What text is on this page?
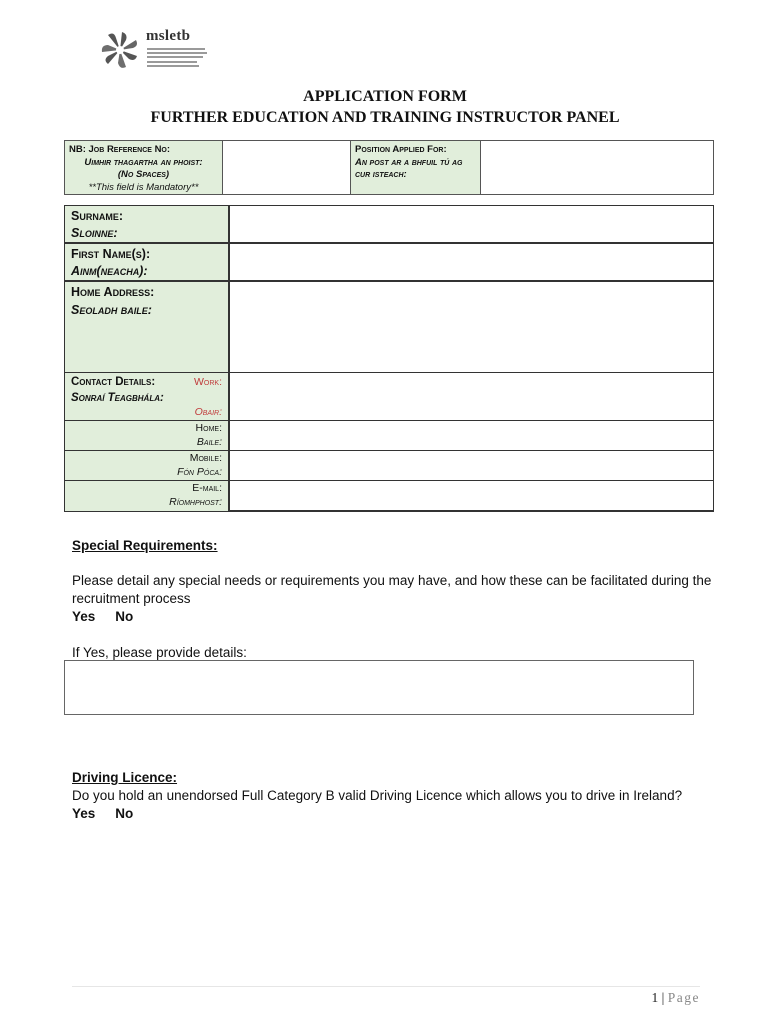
msletb
APPLICATION FORM
FURTHER EDUCATION AND TRAINING INSTRUCTOR PANEL
NB: Job Reference No:
Uimhir thagartha an phoist:
(No Spaces)
**This field is Mandatory**
Position Applied For:
An post ar a bhfuil tú ag
cur isteach:
Surname:
Sloinne:
First Name(s):
Ainm(neacha):
Home Address:
Seoladh baile:
Contact Details:
Sonraí Teagbhála:
Work:
Obair:
Home:
Baile:
Mobile:
Fón Póca:
E-mail:
Ríomhphost:
Special Requirements:
Please detail any special needs or requirements you may have, and how these can be facilitated during the
recruitment process
Yes No
If Yes, please provide details:
Driving Licence:
Do you hold an unendorsed Full Category B valid Driving Licence which allows you to drive in Ireland?
Yes No
1 | Page
